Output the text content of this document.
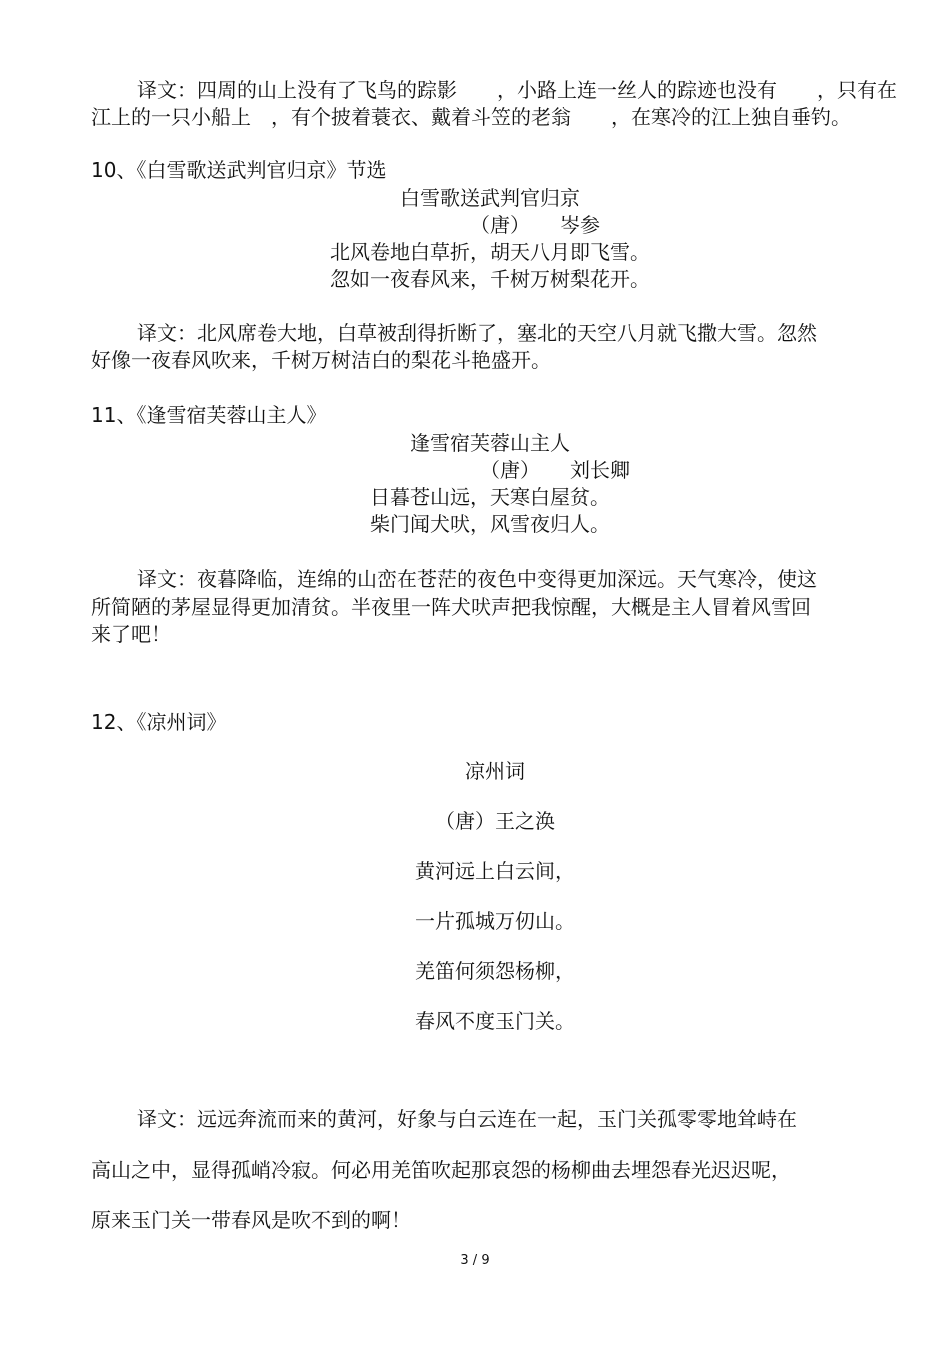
译文：四周的山上没有了飞鸟的踪影　　，小路上连一丝人的踪迹也没有　　，只有在
江上的一只小船上　，有个披着蓑衣、戴着斗笠的老翁　　，在寒冷的江上独自垂钓。
10、《白雪歌送武判官归京》节选
白雪歌送武判官归京
（唐）　　岑参
北风卷地白草折，胡天八月即飞雪。
忽如一夜春风来，千树万树梨花开。
译文：北风席卷大地，白草被刮得折断了，塞北的天空八月就飞撒大雪。忽然
好像一夜春风吹来，千树万树洁白的梨花斗艳盛开。
11、《逢雪宿芙蓉山主人》
逢雪宿芙蓉山主人
（唐）　　刘长卿
日暮苍山远，天寒白屋贫。
柴门闻犬吠，风雪夜归人。
译文：夜暮降临，连绵的山峦在苍茫的夜色中变得更加深远。天气寒冷，使这
所简陋的茅屋显得更加清贫。半夜里一阵犬吠声把我惊醒，大概是主人冒着风雪回
来了吧！
12、《凉州词》
凉州词
（唐）王之涣
黄河远上白云间，
一片孤城万仞山。
羌笛何须怨杨柳，
春风不度玉门关。
译文：远远奔流而来的黄河，好象与白云连在一起，玉门关孤零零地耸峙在
高山之中，显得孤峭冷寂。何必用羌笛吹起那哀怨的杨柳曲去埋怨春光迟迟呢，
原来玉门关一带春风是吹不到的啊！
3 / 9
